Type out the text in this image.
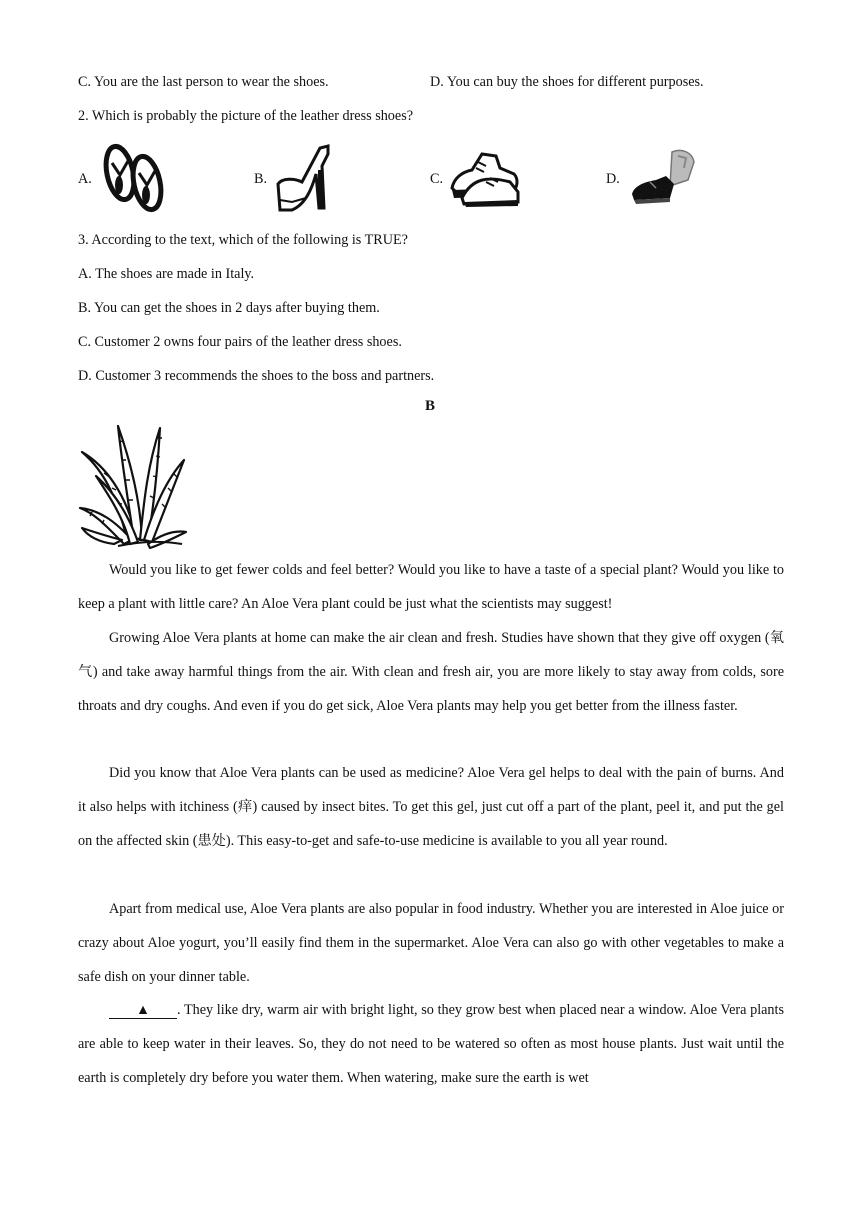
C. You are the last person to wear the shoes.	D. You can buy the shoes for different purposes.
2. Which is probably the picture of the leather dress shoes?
A.	B.	C.	D.
3. According to the text, which of the following is TRUE?
A. The shoes are made in Italy.
B. You can get the shoes in 2 days after buying them.
C. Customer 2 owns four pairs of the leather dress shoes.
D. Customer 3 recommends the shoes to the boss and partners.
B
Would you like to get fewer colds and feel better? Would you like to have a taste of a special plant? Would you like to keep a plant with little care? An Aloe Vera plant could be just what the scientists may suggest!
Growing Aloe Vera plants at home can make the air clean and fresh. Studies have shown that they give off oxygen (氧气) and take away harmful things from the air. With clean and fresh air, you are more likely to stay away from colds, sore throats and dry coughs. And even if you do get sick, Aloe Vera plants may help you get better from the illness faster.
Did you know that Aloe Vera plants can be used as medicine? Aloe Vera gel helps to deal with the pain of burns. And it also helps with itchiness (痒) caused by insect bites. To get this gel, just cut off a part of the plant, peel it, and put the gel on the affected skin (患处). This easy-to-get and safe-to-use medicine is available to you all year round.
Apart from medical use, Aloe Vera plants are also popular in food industry. Whether you are interested in Aloe juice or crazy about Aloe yogurt, you’ll easily find them in the supermarket. Aloe Vera can also go with other vegetables to make a safe dish on your dinner table.
▲ . They like dry, warm air with bright light, so they grow best when placed near a window. Aloe Vera plants are able to keep water in their leaves. So, they do not need to be watered so often as most house plants. Just wait until the earth is completely dry before you water them. When watering, make sure the earth is wet
